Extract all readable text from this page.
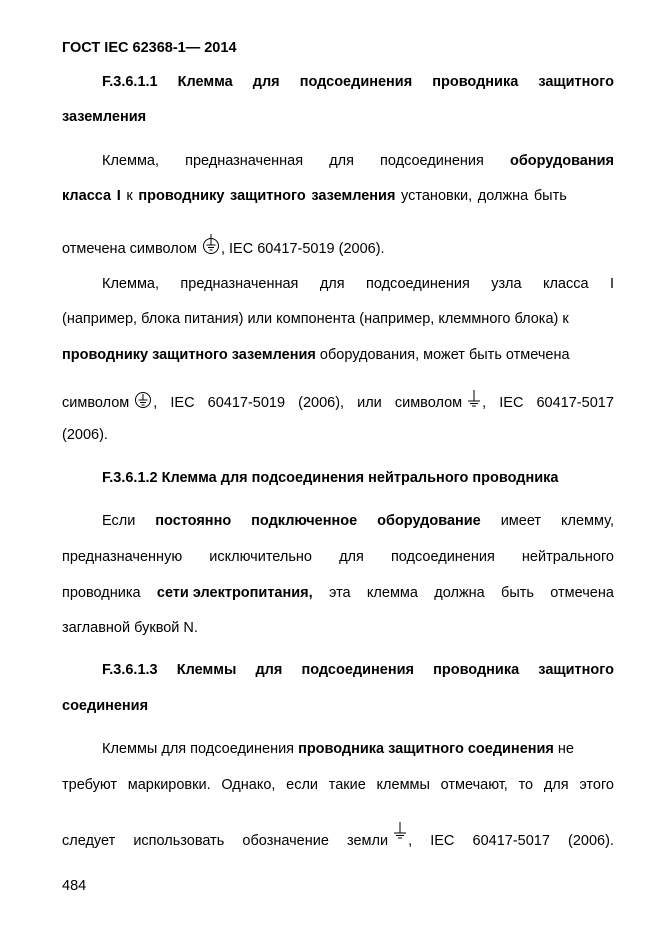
ГОСТ IEC 62368-1— 2014
F.3.6.1.1 Клемма для подсоединения проводника защитного
заземления
Клемма, предназначенная для подсоединения оборудования
класса I к проводнику защитного заземления установки, должна быть
отмечена символом
, IEC 60417-5019 (2006).
Клемма, предназначенная для подсоединения узла класса I
(например, блока питания) или компонента (например, клеммного блока) к
проводнику защитного заземления оборудования, может быть отмечена
символом , IEC 60417-5019 (2006), или символом , IEC 60417-5017
(2006).
F.3.6.1.2 Клемма для подсоединения нейтрального проводника
Если постоянно подключенное оборудование имеет клемму,
предназначенную исключительно для подсоединения нейтрального
проводника сети электропитания, эта клемма должна быть отмечена
заглавной буквой N.
F.3.6.1.3 Клеммы для подсоединения проводника защитного
соединения
Клеммы для подсоединения проводника защитного соединения не
требуют маркировки. Однако, если такие клеммы отмечают, то для этого
следует использовать обозначение земли , IEC 60417-5017 (2006).
484
